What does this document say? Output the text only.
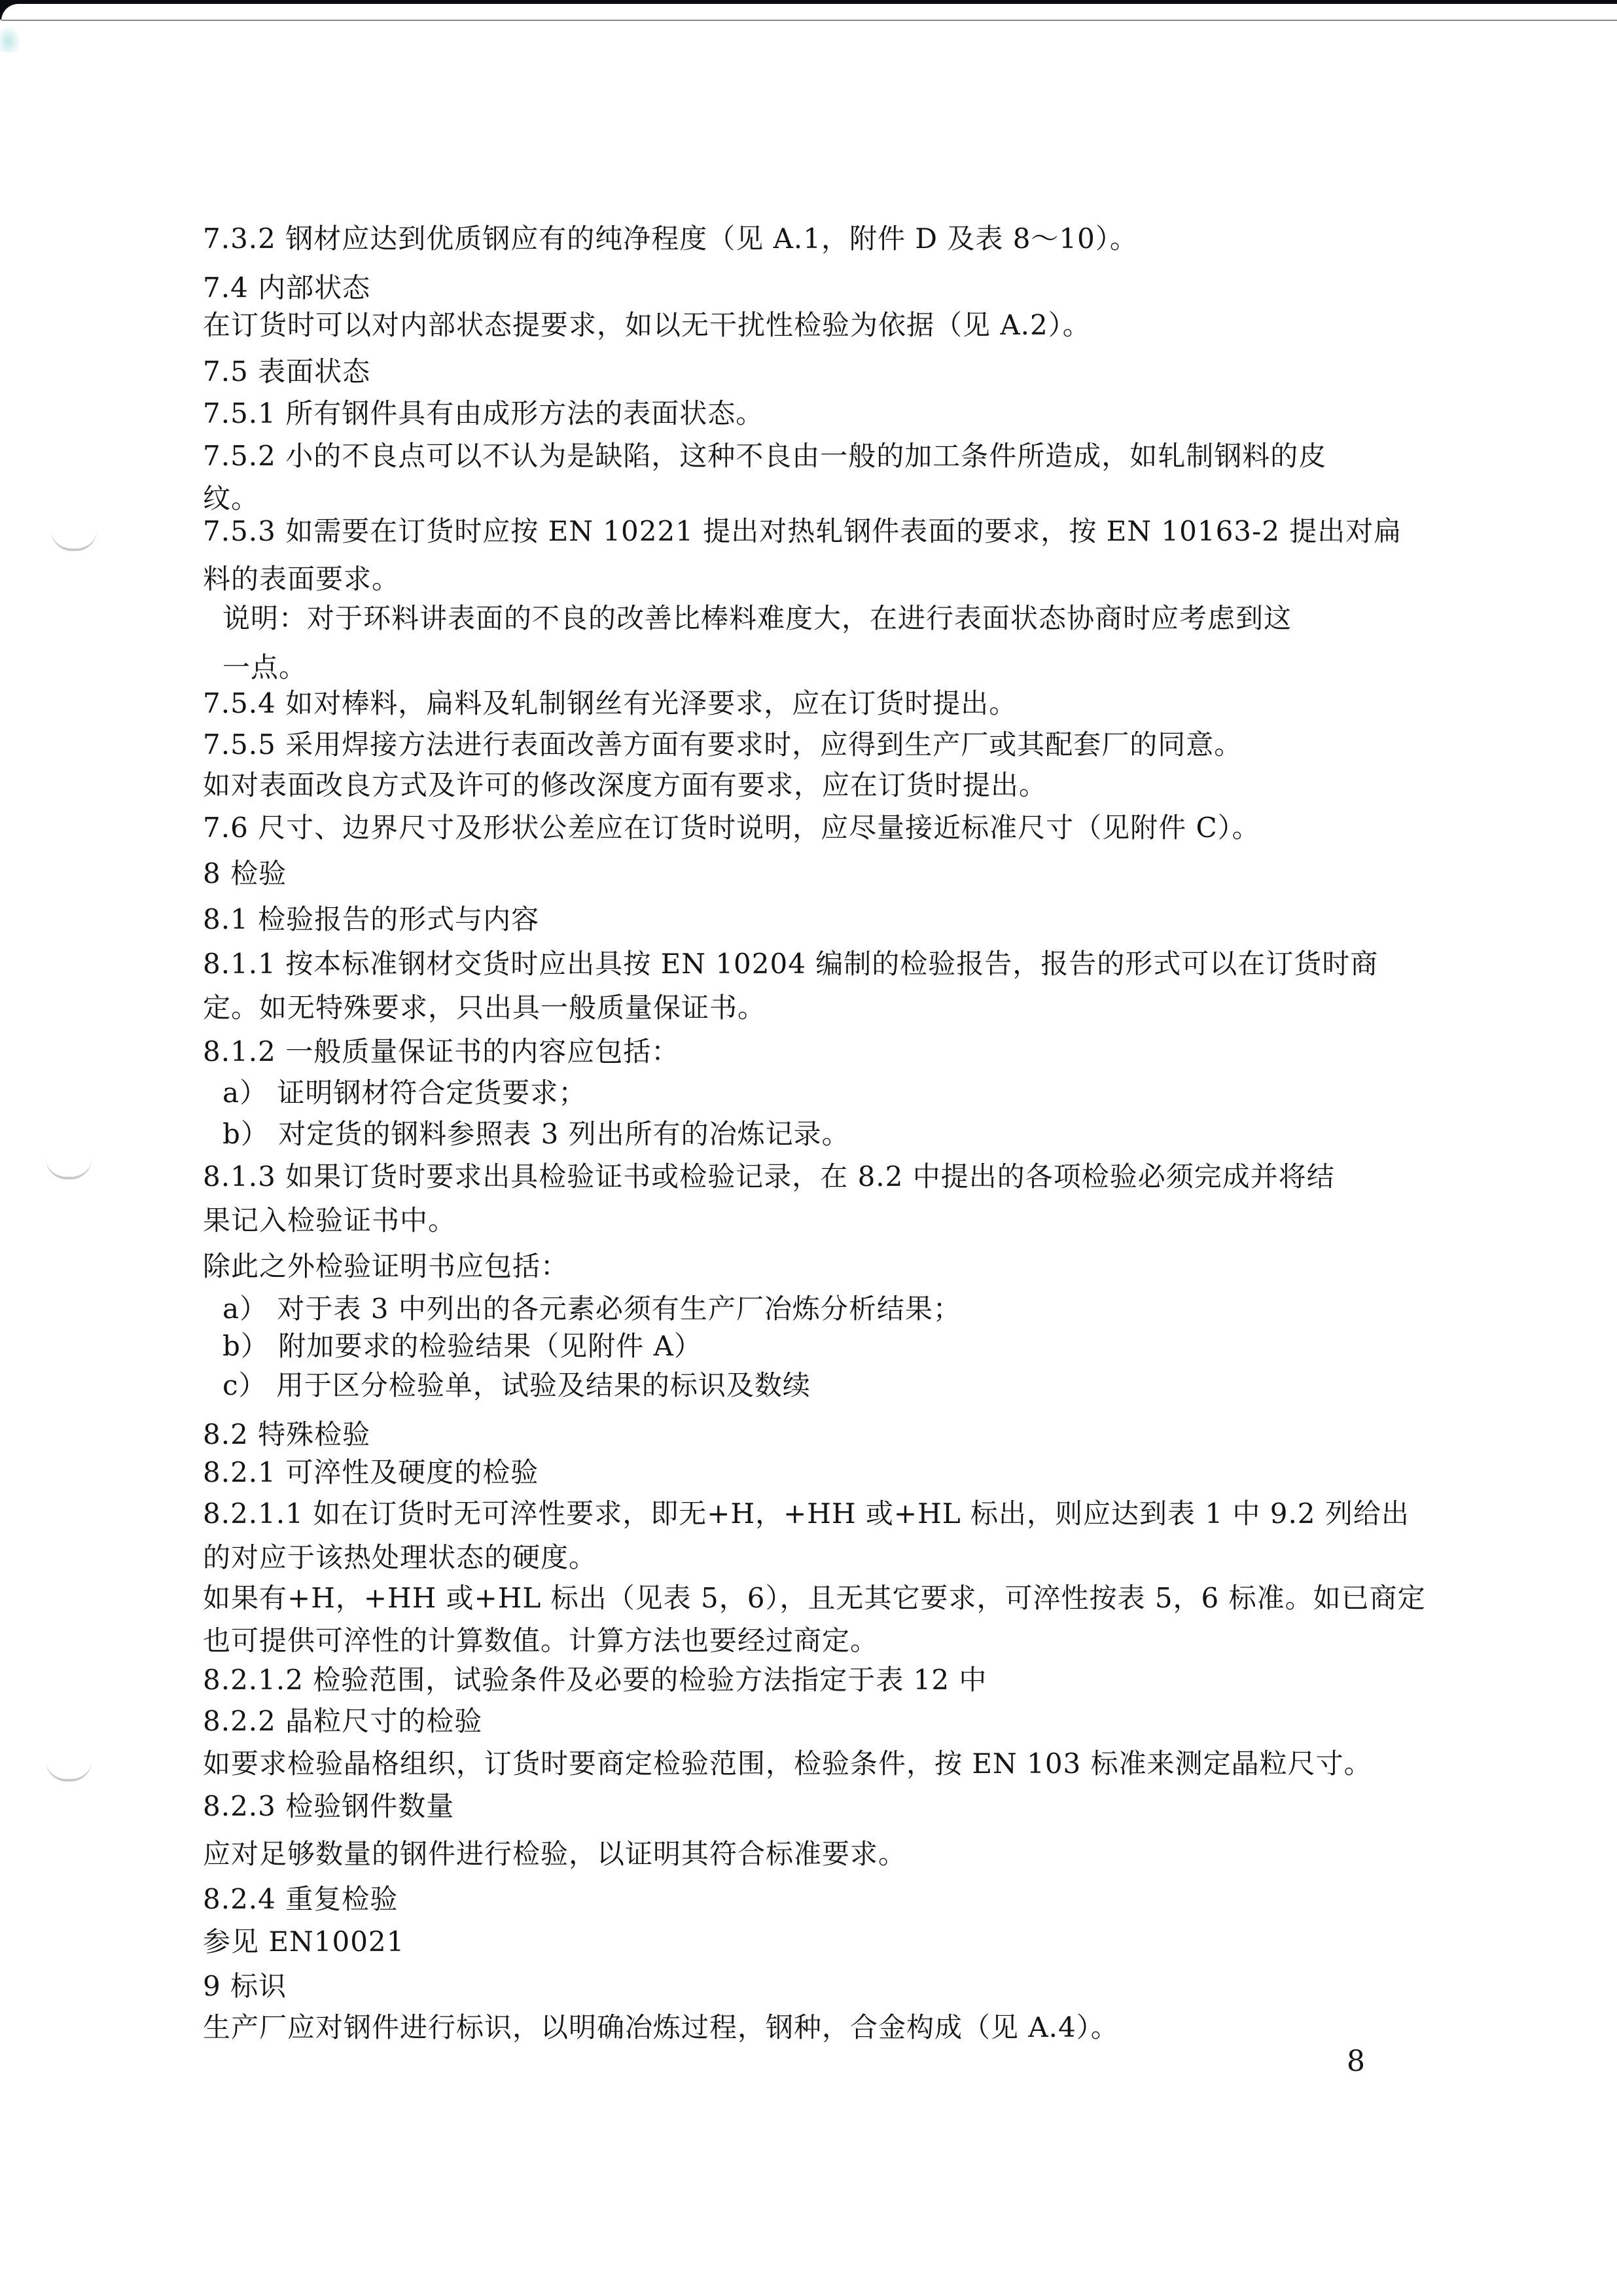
7.3.2 钢材应达到优质钢应有的纯净程度（见 A.1，附件 D 及表 8～10）。
7.4 内部状态
在订货时可以对内部状态提要求，如以无干扰性检验为依据（见 A.2）。
7.5 表面状态
7.5.1 所有钢件具有由成形方法的表面状态。
7.5.2 小的不良点可以不认为是缺陷，这种不良由一般的加工条件所造成，如轧制钢料的皮
纹。
7.5.3 如需要在订货时应按 EN 10221 提出对热轧钢件表面的要求，按 EN 10163-2 提出对扁
料的表面要求。
说明：对于环料讲表面的不良的改善比棒料难度大，在进行表面状态协商时应考虑到这
一点。
7.5.4 如对棒料，扁料及轧制钢丝有光泽要求，应在订货时提出。
7.5.5 采用焊接方法进行表面改善方面有要求时，应得到生产厂或其配套厂的同意。
如对表面改良方式及许可的修改深度方面有要求，应在订货时提出。
7.6 尺寸、边界尺寸及形状公差应在订货时说明，应尽量接近标准尺寸（见附件 C）。
8 检验
8.1 检验报告的形式与内容
8.1.1 按本标准钢材交货时应出具按 EN 10204 编制的检验报告，报告的形式可以在订货时商
定。如无特殊要求，只出具一般质量保证书。
8.1.2 一般质量保证书的内容应包括：
a） 证明钢材符合定货要求；
b） 对定货的钢料参照表 3 列出所有的冶炼记录。
8.1.3 如果订货时要求出具检验证书或检验记录，在 8.2 中提出的各项检验必须完成并将结
果记入检验证书中。
除此之外检验证明书应包括：
a） 对于表 3 中列出的各元素必须有生产厂冶炼分析结果；
b） 附加要求的检验结果（见附件 A）
c） 用于区分检验单，试验及结果的标识及数续
8.2 特殊检验
8.2.1 可淬性及硬度的检验
8.2.1.1 如在订货时无可淬性要求，即无+H，+HH 或+HL 标出，则应达到表 1 中 9.2 列给出
的对应于该热处理状态的硬度。
如果有+H，+HH 或+HL 标出（见表 5，6），且无其它要求，可淬性按表 5，6 标准。如已商定
也可提供可淬性的计算数值。计算方法也要经过商定。
8.2.1.2 检验范围，试验条件及必要的检验方法指定于表 12 中
8.2.2 晶粒尺寸的检验
如要求检验晶格组织，订货时要商定检验范围，检验条件，按 EN 103 标准来测定晶粒尺寸。
8.2.3 检验钢件数量
应对足够数量的钢件进行检验，以证明其符合标准要求。
8.2.4 重复检验
参见 EN10021
9 标识
生产厂应对钢件进行标识，以明确冶炼过程，钢种，合金构成（见 A.4）。
8
